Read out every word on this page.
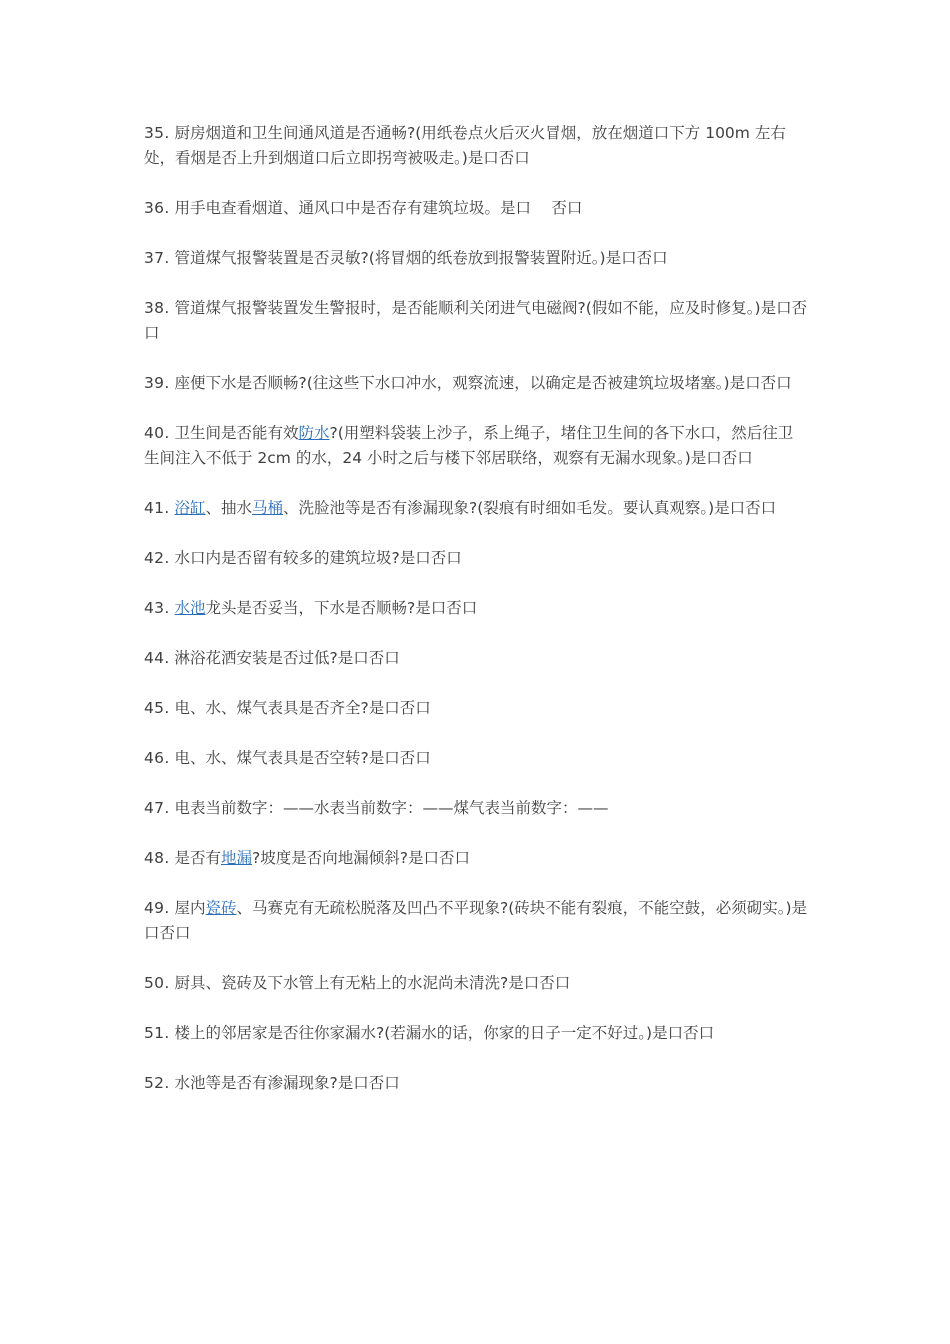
35. 厨房烟道和卫生间通风道是否通畅?(用纸卷点火后灭火冒烟，放在烟道口下方 100m 左右处，看烟是否上升到烟道口后立即拐弯被吸走。)是口否口

36. 用手电查看烟道、通风口中是否存有建筑垃圾。是口　 否口

37. 管道煤气报警装置是否灵敏?(将冒烟的纸卷放到报警装置附近。)是口否口

38. 管道煤气报警装置发生警报时，是否能顺利关闭进气电磁阀?(假如不能，应及时修复。)是口否口

39. 座便下水是否顺畅?(往这些下水口冲水，观察流速，以确定是否被建筑垃圾堵塞。)是口否口

40. 卫生间是否能有效防水?(用塑料袋装上沙子，系上绳子，堵住卫生间的各下水口，然后往卫生间注入不低于 2cm 的水，24 小时之后与楼下邻居联络，观察有无漏水现象。)是口否口

41. 浴缸、抽水马桶、洗脸池等是否有渗漏现象?(裂痕有时细如毛发。要认真观察。)是口否口

42. 水口内是否留有较多的建筑垃圾?是口否口

43. 水池龙头是否妥当，下水是否顺畅?是口否口

44. 淋浴花洒安装是否过低?是口否口

45. 电、水、煤气表具是否齐全?是口否口

46. 电、水、煤气表具是否空转?是口否口

47. 电表当前数字：——水表当前数字：——煤气表当前数字：——

48. 是否有地漏?坡度是否向地漏倾斜?是口否口

49. 屋内瓷砖、马赛克有无疏松脱落及凹凸不平现象?(砖块不能有裂痕，不能空鼓，必须砌实。)是口否口

50. 厨具、瓷砖及下水管上有无粘上的水泥尚未清洗?是口否口

51. 楼上的邻居家是否往你家漏水?(若漏水的话，你家的日子一定不好过。)是口否口

52. 水池等是否有渗漏现象?是口否口
